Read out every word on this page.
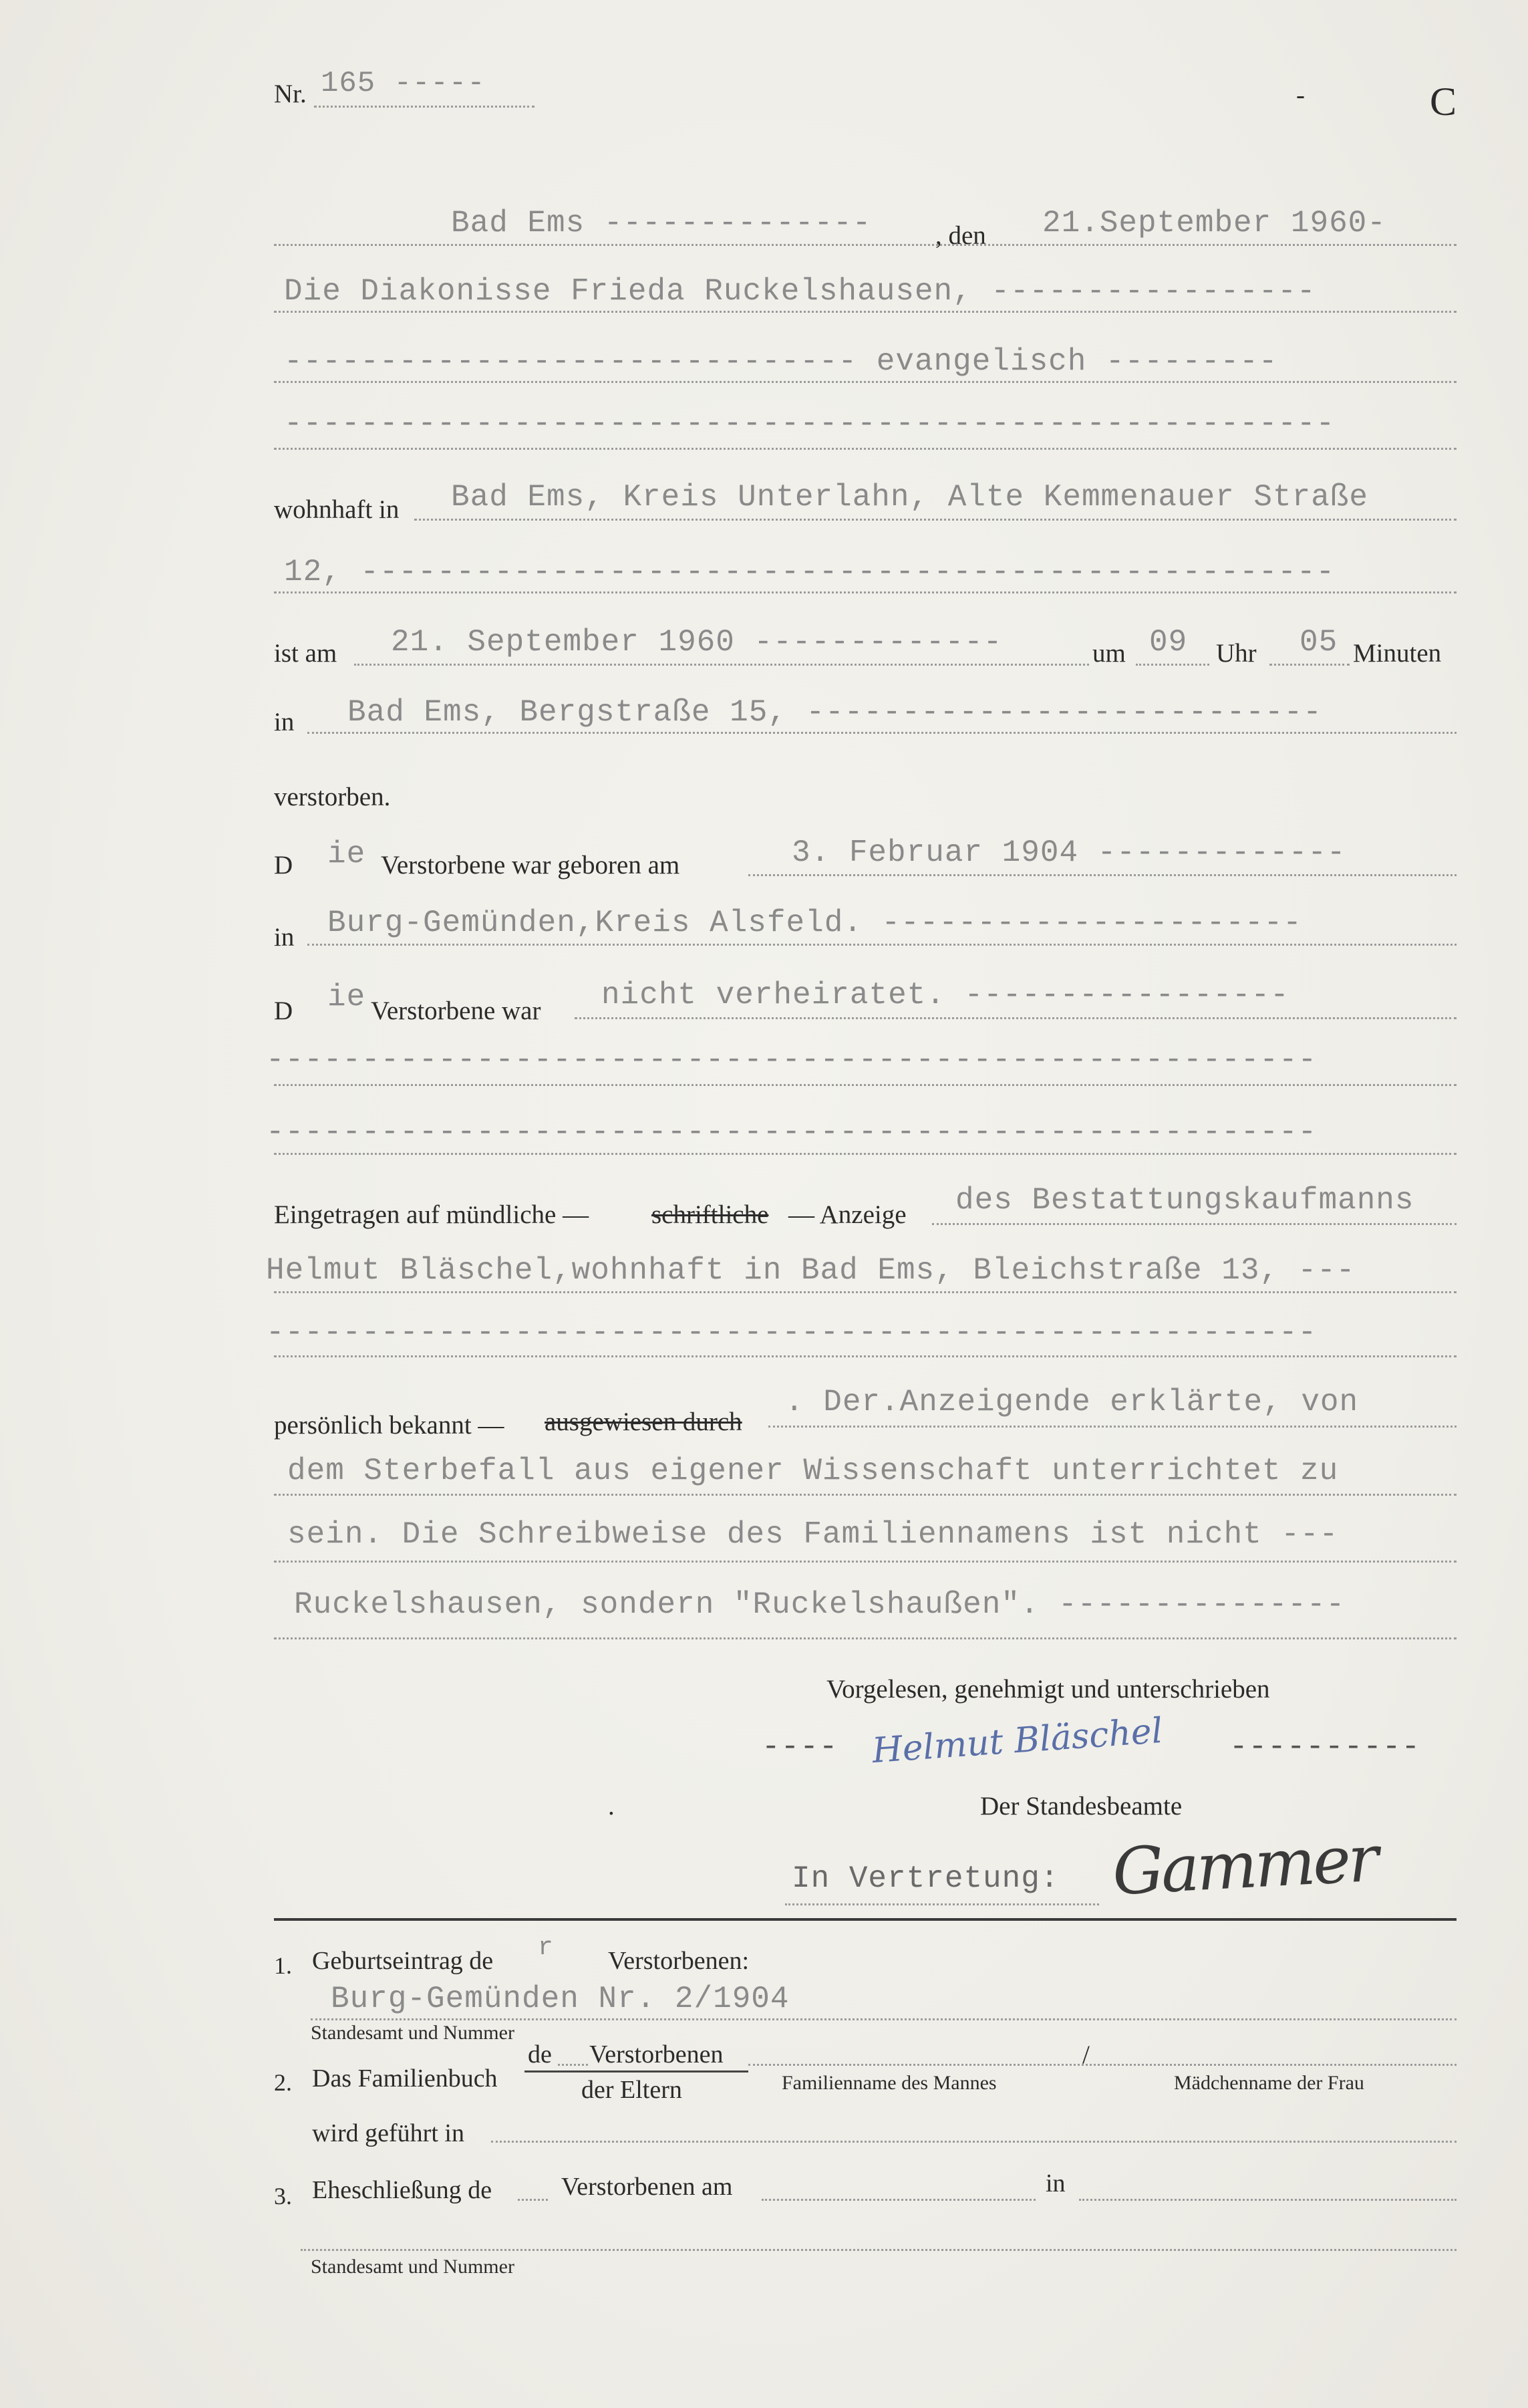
Nr. 165 -----	-	C
Bad Ems -------------- , den 21.September 1960-
Die Diakonisse Frieda Ruckelshausen, -----------------
------------------------------ evangelisch ---------
-------------------------------------------------------
wohnhaft in Bad Ems, Kreis Unterlahn, Alte Kemmenauer Straße
12, ---------------------------------------------------
ist am 21. September 1960 -------------	um 09 Uhr 05 Minuten
in Bad Ems, Bergstraße 15, ---------------------------
verstorben.
D ie Verstorbene war geboren am	3. Februar 1904 -------------
in Burg-Gemünden,Kreis Alsfeld. ----------------------
D ie Verstorbene war nicht verheiratet. -----------------
-------------------------------------------------------
-------------------------------------------------------
Eingetragen auf mündliche — schriftliche — Anzeige des Bestattungskaufmanns
Helmut Bläschel,wohnhaft in Bad Ems, Bleichstraße 13, ---
-------------------------------------------------------
persönlich bekannt — ausgewiesen durch
. Der.Anzeigende erklärte, von
dem Sterbefall aus eigener Wissenschaft unterrichtet zu
sein. Die Schreibweise des Familiennamens ist nicht ---
Ruckelshausen, sondern "Ruckelshaußen". ---------------
Vorgelesen, genehmigt und unterschrieben
---- Helmut Bläschel ----------
.	Der Standesbeamte
In Vertretung: Gammer
1. Geburtseintrag de r Verstorbenen:
Burg-Gemünden Nr. 2/1904
Standesamt und Nummer
2. Das Familienbuch
de Verstorbenen
der Eltern	Familienname des Mannes
/
Mädchenname der Frau
wird geführt in
3. Eheschließung de	Verstorbenen am	in
Standesamt und Nummer
